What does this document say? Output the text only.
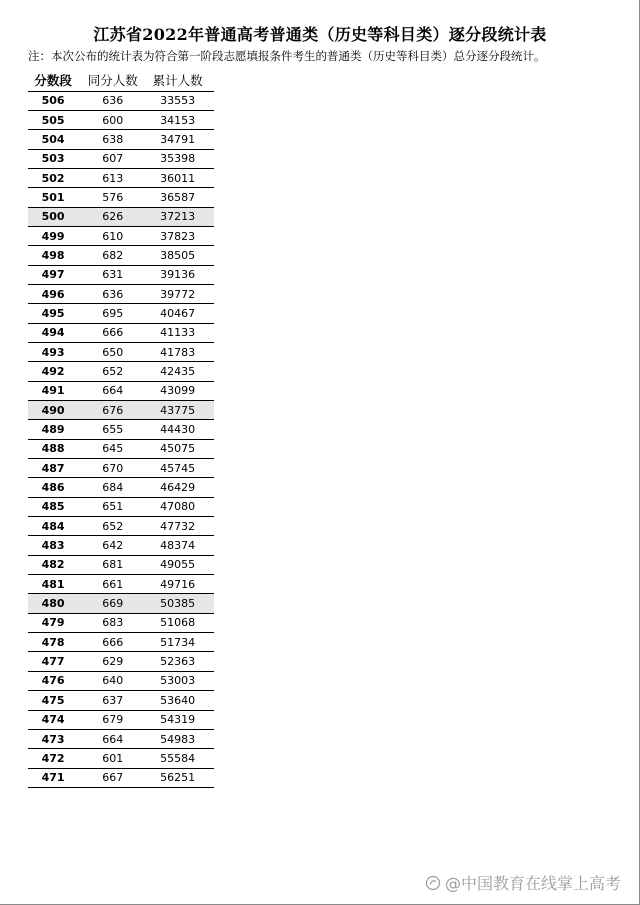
江苏省2022年普通高考普通类（历史等科目类）逐分段统计表
注：本次公布的统计表为符合第一阶段志愿填报条件考生的普通类（历史等科目类）总分逐分段统计。
分数段	同分人数	累计人数
506	636	33553
505	600	34153
504	638	34791
503	607	35398
502	613	36011
501	576	36587
500	626	37213
499	610	37823
498	682	38505
497	631	39136
496	636	39772
495	695	40467
494	666	41133
493	650	41783
492	652	42435
491	664	43099
490	676	43775
489	655	44430
488	645	45075
487	670	45745
486	684	46429
485	651	47080
484	652	47732
483	642	48374
482	681	49055
481	661	49716
480	669	50385
479	683	51068
478	666	51734
477	629	52363
476	640	53003
475	637	53640
474	679	54319
473	664	54983
472	601	55584
471	667	56251
@中国教育在线掌上高考
